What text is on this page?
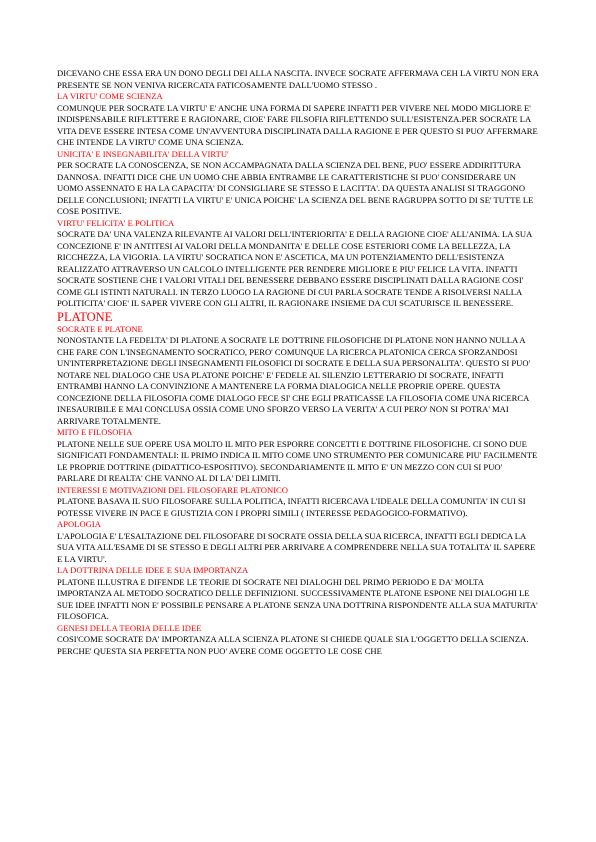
DICEVANO CHE ESSA ERA UN DONO DEGLI DEI ALLA NASCITA. INVECE SOCRATE AFFERMAVA CEH LA VIRTU NON ERA PRESENTE SE NON VENIVA RICERCATA FATICOSAMENTE DALL'UOMO STESSO .

LA VIRTU' COME SCIENZA

COMUNQUE PER SOCRATE LA VIRTU' E' ANCHE UNA FORMA DI SAPERE INFATTI PER VIVERE NEL MODO MIGLIORE E' INDISPENSABILE RIFLETTERE E RAGIONARE, CIOE' FARE FILSOFIA RIFLETTENDO SULL'ESISTENZA.PER SOCRATE LA VITA DEVE ESSERE INTESA COME UN'AVVENTURA DISCIPLINATA DALLA RAGIONE E PER QUESTO SI PUO' AFFERMARE CHE INTENDE LA VIRTU' COME UNA SCIENZA.

UNICITA' E INSEGNABILITA' DELLA VIRTU'

PER SOCRATE LA CONOSCENZA, SE NON ACCAMPAGNATA DALLA SCIENZA DEL BENE, PUO' ESSERE ADDIRITTURA DANNOSA. INFATTI DICE CHE UN UOMO CHE ABBIA ENTRAMBE LE CARATTERISTICHE SI PUO' CONSIDERARE UN UOMO ASSENNATO E HA LA CAPACITA' DI CONSIGLIARE SE STESSO E LACITTA'. DA QUESTA ANALISI SI TRAGGONO DELLE CONCLUSIONI; INFATTI LA VIRTU' E' UNICA POICHE' LA SCIENZA DEL BENE RAGRUPPA SOTTO DI SE' TUTTE LE COSE POSITIVE.

VIRTU' FELICITA' E POLITICA

SOCRATE DA' UNA VALENZA RILEVANTE AI VALORI DELL'INTERIORITA' E DELLA RAGIONE CIOE' ALL'ANIMA. LA SUA CONCEZIONE E' IN ANTITESI AI VALORI DELLA MONDANITA' E DELLE COSE ESTERIORI COME LA BELLEZZA, LA RICCHEZZA, LA VIGORIA. LA VIRTU' SOCRATICA NON E' ASCETICA, MA UN POTENZIAMENTO DELL'ESISTENZA REALIZZATO ATTRAVERSO UN CALCOLO INTELLIGENTE PER RENDERE MIGLIORE E PIU' FELICE LA VITA. INFATTI SOCRATE SOSTIENE CHE I VALORI VITALI DEL BENESSERE DEBBANO ESSERE DISCIPLINATI DALLA RAGIONE COSI' COME GLI ISTINTI NATURALI. IN TERZO LUOGO LA RAGIONE DI CUI PARLA SOCRATE TENDE A RISOLVERSI NALLA POLITICITA' CIOE' IL SAPER VIVERE CON GLI ALTRI, IL RAGIONARE INSIEME DA CUI SCATURISCE IL BENESSERE.

PLATONE

SOCRATE E PLATONE

NONOSTANTE LA FEDELTA' DI PLATONE A SOCRATE LE DOTTRINE FILOSOFICHE DI PLATONE NON HANNO NULLA A CHE FARE CON L'INSEGNAMENTO SOCRATICO, PERO' COMUNQUE LA RICERCA PLATONICA CERCA SFORZANDOSI UN'INTERPRETAZIONE DEGLI INSEGNAMENTI FILOSOFICI DI SOCRATE E DELLA SUA PERSONALITA'. QUESTO SI PUO' NOTARE NEL DIALOGO CHE USA PLATONE POICHE' E' FEDELE AL SILENZIO LETTERARIO DI SOCRATE, INFATTI ENTRAMBI HANNO LA CONVINZIONE A MANTENERE LA FORMA DIALOGICA NELLE PROPRIE OPERE. QUESTA CONCEZIONE DELLA FILOSOFIA COME DIALOGO FECE SI' CHE EGLI PRATICASSE LA FILOSOFIA COME UNA RICERCA INESAURIBILE E MAI CONCLUSA OSSIA COME UNO SFORZO VERSO LA VERITA' A CUI PERO' NON SI POTRA' MAI ARRIVARE TOTALMENTE.

MITO E FILOSOFIA

PLATONE NELLE SUE OPERE USA MOLTO IL MITO PER ESPORRE CONCETTI E DOTTRINE FILOSOFICHE. CI SONO DUE SIGNIFICATI FONDAMENTALI: IL PRIMO INDICA IL MITO COME UNO STRUMENTO PER COMUNICARE PIU' FACILMENTE LE PROPRIE DOTTRINE (DIDATTICO-ESPOSITIVO). SECONDARIAMENTE IL MITO E' UN MEZZO CON CUI SI PUO' PARLARE DI REALTA' CHE VANNO AL DI LA' DEI LIMITI.

INTERESSI E MOTIVAZIONI DEL FILOSOFARE PLATONICO

PLATONE BASAVA IL SUO FILOSOFARE SULLA POLITICA, INFATTI RICERCAVA L'IDEALE DELLA COMUNITA' IN CUI SI POTESSE VIVERE IN PACE E GIUSTIZIA CON I PROPRI SIMILI ( INTERESSE PEDAGOGICO-FORMATIVO).

APOLOGIA

L'APOLOGIA E' L'ESALTAZIONE DEL FILOSOFARE DI SOCRATE OSSIA DELLA SUA RICERCA, INFATTI EGLI DEDICA LA SUA VITA ALL'ESAME DI SE STESSO E DEGLI ALTRI PER ARRIVARE A COMPRENDERE NELLA SUA TOTALITA' IL SAPERE E LA VIRTU'.

LA DOTTRINA DELLE IDEE E SUA IMPORTANZA

PLATONE ILLUSTRA E DIFENDE LE TEORIE DI SOCRATE NEI DIALOGHI DEL PRIMO PERIODO E DA' MOLTA IMPORTANZA AL METODO SOCRATICO DELLE DEFINIZIONI. SUCCESSIVAMENTE PLATONE ESPONE NEI DIALOGHI LE SUE IDEE INFATTI NON E' POSSIBILE PENSARE A PLATONE SENZA UNA DOTTRINA RISPONDENTE ALLA SUA MATURITA' FILOSOFICA.

GENESI DELLA TEORIA DELLE IDEE

COSI'COME SOCRATE DA' IMPORTANZA ALLA SCIENZA PLATONE SI CHIEDE QUALE SIA L'OGGETTO DELLA SCIENZA. PERCHE' QUESTA SIA PERFETTA NON PUO' AVERE COME OGGETTO LE COSE CHE
